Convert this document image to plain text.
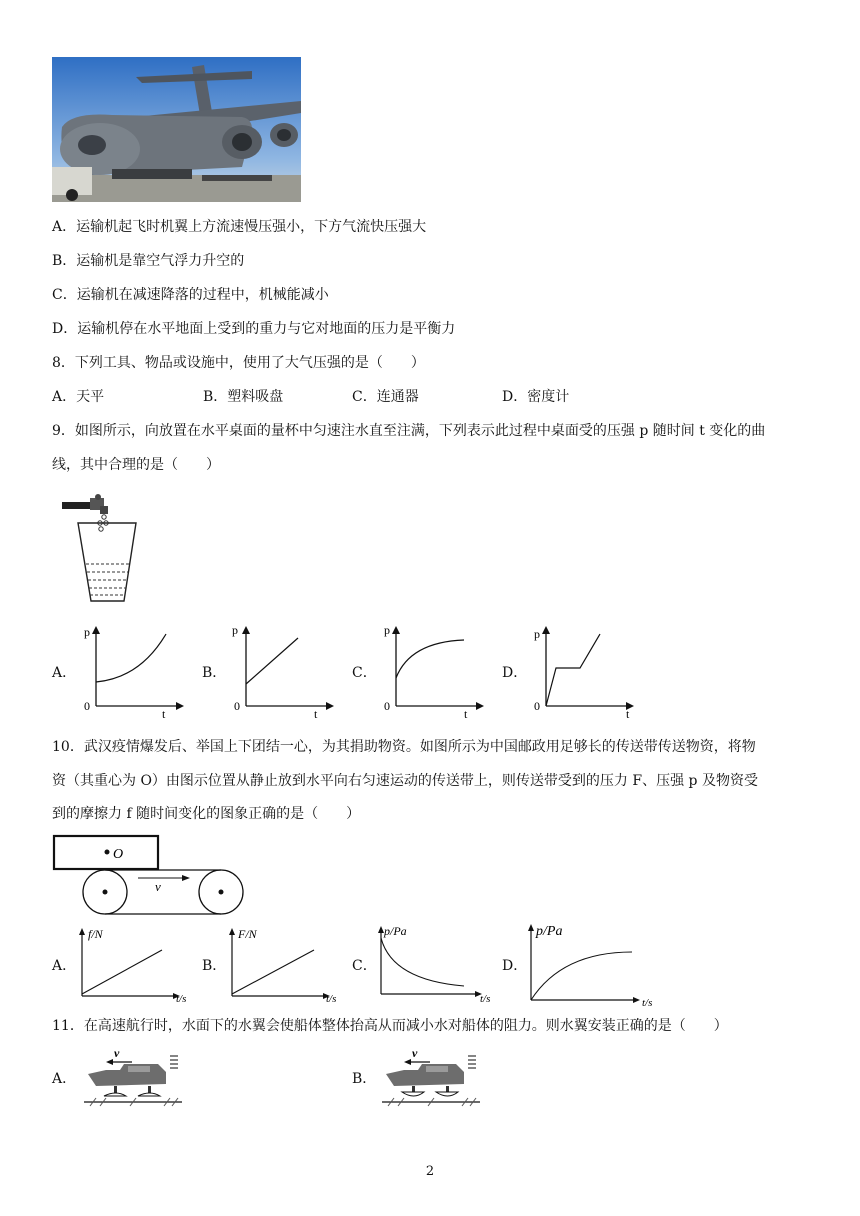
A．运输机起飞时机翼上方流速慢压强小，下方气流快压强大
B．运输机是靠空气浮力升空的
C．运输机在减速降落的过程中，机械能减小
D．运输机停在水平地面上受到的重力与它对地面的压力是平衡力
8．下列工具、物品或设施中，使用了大气压强的是（　　）
A．天平	B．塑料吸盘	C．连通器	D．密度计
9．如图所示，向放置在水平桌面的量杯中匀速注水直至注满，下列表示此过程中桌面受的压强 p 随时间 t 变化的曲
线，其中合理的是（　　）
A．	B．	C．	D．
p
t
0
p
t
0
p
t
0
p
t
0
10．武汉疫情爆发后、举国上下团结一心，为其捐助物资。如图所示为中国邮政用足够长的传送带传送物资，将物
资（其重心为 O）由图示位置从静止放到水平向右匀速运动的传送带上，则传送带受到的压力 F、压强 p 及物资受
到的摩擦力 f 随时间变化的图象正确的是（　　）
O
v
A．	B．	C．	D．
f/N
t/s
F/N
t/s
p/Pa
t/s
p/Pa
t/s
11．在高速航行时，水面下的水翼会使船体整体抬高从而减小水对船体的阻力。则水翼安装正确的是（　　）
A．	B．
v	v
2
